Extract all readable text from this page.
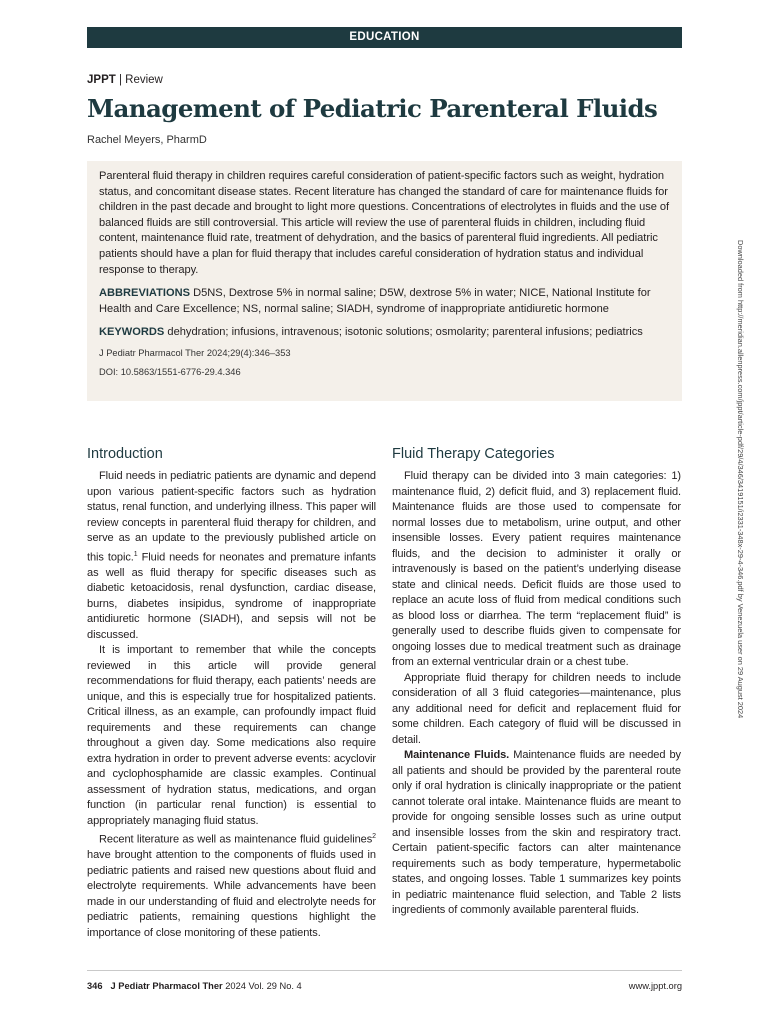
EDUCATION
JPPT | Review
Management of Pediatric Parenteral Fluids
Rachel Meyers, PharmD

Parenteral fluid therapy in children requires careful consideration of patient-specific factors such as weight, hydration status, and concomitant disease states. Recent literature has changed the standard of care for maintenance fluids for children in the past decade and brought to light more questions. Concentrations of electrolytes in fluids and the use of balanced fluids are still controversial. This article will review the use of parenteral fluids in children, including fluid content, maintenance fluid rate, treatment of dehydration, and the basics of parenteral fluid ingredients. All pediatric patients should have a plan for fluid therapy that includes careful consideration of hydration status and individual response to therapy.

ABBREVIATIONS D5NS, Dextrose 5% in normal saline; D5W, dextrose 5% in water; NICE, National Institute for Health and Care Excellence; NS, normal saline; SIADH, syndrome of inappropriate antidiuretic hormone

KEYWORDS dehydration; infusions, intravenous; isotonic solutions; osmolarity; parenteral infusions; pediatrics

J Pediatr Pharmacol Ther 2024;29(4):346–353

DOI: 10.5863/1551-6776-29.4.346

Introduction

Fluid needs in pediatric patients are dynamic and depend upon various patient-specific factors such as hydration status, renal function, and underlying illness. This paper will review concepts in parenteral fluid therapy for children, and serve as an update to the previously published article on this topic.$^1$ Fluid needs for neonates and premature infants as well as fluid therapy for specific diseases such as diabetic ketoacidosis, renal dysfunction, cardiac disease, burns, diabetes insipidus, syndrome of inappropriate antidiuretic hormone (SIADH), and sepsis will not be discussed.

It is important to remember that while the concepts reviewed in this article will provide general recommendations for fluid therapy, each patients’ needs are unique, and this is especially true for hospitalized patients. Critical illness, as an example, can profoundly impact fluid requirements and these requirements can change throughout a given day. Some medications also require extra hydration in order to prevent adverse events: acyclovir and cyclophosphamide are classic examples. Continual assessment of hydration status, medications, and organ function (in particular renal function) is essential to appropriately managing fluid status.

Recent literature as well as maintenance fluid guidelines$^2$ have brought attention to the components of fluids used in pediatric patients and raised new questions about fluid and electrolyte requirements. While advancements have been made in our understanding of fluid and electrolyte needs for pediatric patients, remaining questions highlight the importance of close monitoring of these patients.

Fluid Therapy Categories

Fluid therapy can be divided into 3 main categories: 1) maintenance fluid, 2) deficit fluid, and 3) replacement fluid. Maintenance fluids are those used to compensate for normal losses due to metabolism, urine output, and other insensible losses. Every patient requires maintenance fluids, and the decision to administer it orally or intravenously is based on the patient’s underlying disease state and clinical needs. Deficit fluids are those used to replace an acute loss of fluid from medical conditions such as blood loss or diarrhea. The term “replacement fluid” is generally used to describe fluids given to compensate for ongoing losses due to medical treatment such as drainage from an external ventricular drain or a chest tube.

Appropriate fluid therapy for children needs to include consideration of all 3 fluid categories—maintenance, plus any additional need for deficit and replacement fluid for some children. Each category of fluid will be discussed in detail.

Maintenance Fluids. Maintenance fluids are needed by all patients and should be provided by the parenteral route only if oral hydration is clinically inappropriate or the patient cannot tolerate oral intake. Maintenance fluids are meant to provide for ongoing sensible losses such as urine output and insensible losses from the skin and respiratory tract. Certain patient-specific factors can alter maintenance requirements such as body temperature, hypermetabolic states, and ongoing losses. Table 1 summarizes key points in pediatric maintenance fluid selection, and Table 2 lists ingredients of commonly available parenteral fluids.

Downloaded from http://meridian.allenpress.com/jppt/article-pdf/29/4/346/3419151/i2331-348x-29-4-346.pdf by Venezuela user on 29 August 2024
346 J Pediatr Pharmacol Ther 2024 Vol. 29 No. 4	www.jppt.org
